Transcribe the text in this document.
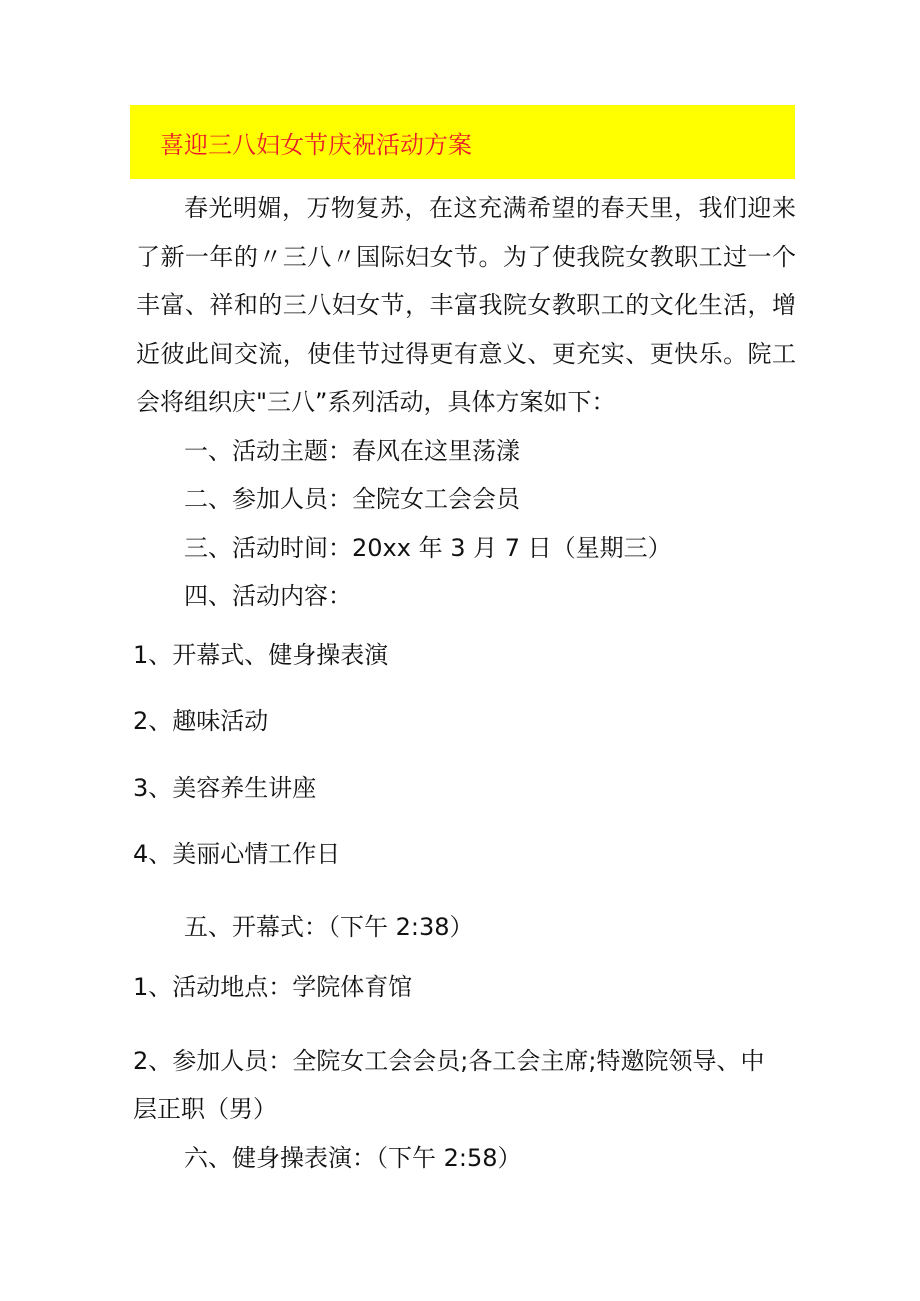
喜迎三八妇女节庆祝活动方案
春光明媚，万物复苏，在这充满希望的春天里，我们迎来了新一年的〃三八〃国际妇女节。为了使我院女教职工过一个丰富、祥和的三八妇女节，丰富我院女教职工的文化生活，增近彼此间交流，使佳节过得更有意义、更充实、更快乐。院工会将组织庆"三八”系列活动，具体方案如下：
一、活动主题：春风在这里荡漾
二、参加人员：全院女工会会员
三、活动时间：20xx 年 3 月 7 日（星期三）
四、活动内容：
1、开幕式、健身操表演
2、趣味活动
3、美容养生讲座
4、美丽心情工作日
五、开幕式：（下午 2:38）
1、活动地点：学院体育馆
2、参加人员：全院女工会会员;各工会主席;特邀院领导、中
层正职（男）
六、健身操表演：（下午 2:58）
